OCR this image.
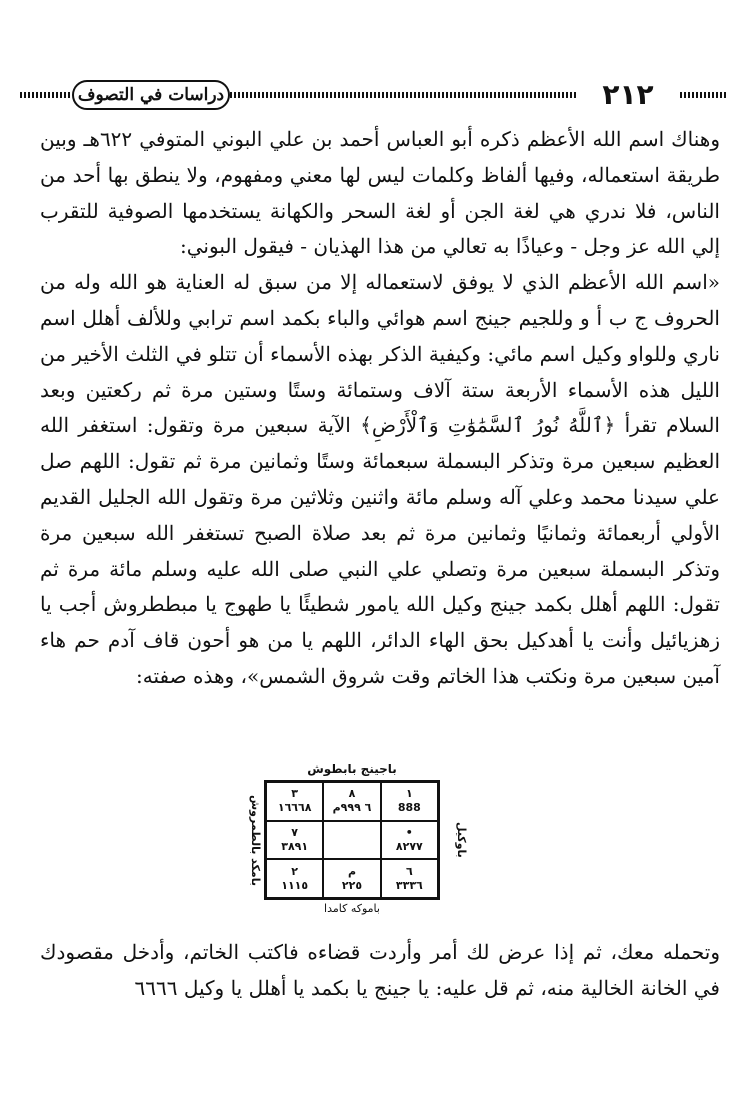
دراسات في التصوف	٢١٢

وهناك اسم الله الأعظم ذكره أبو العباس أحمد بن علي البوني المتوفي ٦٢٢هـ وبين طريقة استعماله، وفيها ألفاظ وكلمات ليس لها معني ومفهوم، ولا ينطق بها أحد من الناس، فلا ندري هي لغة الجن أو لغة السحر والكهانة يستخدمها الصوفية للتقرب إلي الله عز وجل - وعياذًا به تعالي من هذا الهذيان - فيقول البوني:

«اسم الله الأعظم الذي لا يوفق لاستعماله إلا من سبق له العناية هو الله وله من الحروف ج ب أ و وللجيم جينج اسم هوائي والباء بكمد اسم ترابي وللألف أهلل اسم ناري وللواو وكيل اسم مائي: وكيفية الذكر بهذه الأسماء أن تتلو في الثلث الأخير من الليل هذه الأسماء الأربعة ستة آلاف وستمائة وستًا وستين مرة ثم ركعتين وبعد السلام تقرأ ﴿ٱللَّهُ نُورُ ٱلسَّمَٰوَٰتِ وَٱلْأَرْضِ﴾ الآية سبعين مرة وتقول: استغفر الله العظيم سبعين مرة وتذكر البسملة سبعمائة وستًا وثمانين مرة ثم تقول: اللهم صل علي سيدنا محمد وعلي آله وسلم مائة واثنين وثلاثين مرة وتقول الله الجليل القديم الأولي أربعمائة وثمانيًا وثمانين مرة ثم بعد صلاة الصبح تستغفر الله سبعين مرة وتذكر البسملة سبعين مرة وتصلي علي النبي صلى الله عليه وسلم مائة مرة ثم تقول: اللهم أهلل بكمد جينج وكيل الله يامور شطيئًا يا طهوج يا مبططروش أجب يا زهزيائيل وأنت يا أهدكيل بحق الهاء الدائر، اللهم يا من هو أحون قاف آدم حم هاء آمين سبعين مرة ونكتب هذا الخاتم وقت شروق الشمس»، وهذه صفته:

باجينج بابطوش
بامكد بالطمروش
٣
١٦٦٦٨
٨
٦ ٩٩٩م
١
888
٧
٣٨٩١
•
٨٢٧٧
٢
١١١٥
م
٢٢٥
٦
٣٣٣٦
باوكيل
باموكه كامدا

وتحمله معك، ثم إذا عرض لك أمر وأردت قضاءه فاكتب الخاتم، وأدخل مقصودك في الخانة الخالية منه، ثم قل عليه: يا جينج يا بكمد يا أهلل يا وكيل ٦٦٦٦
